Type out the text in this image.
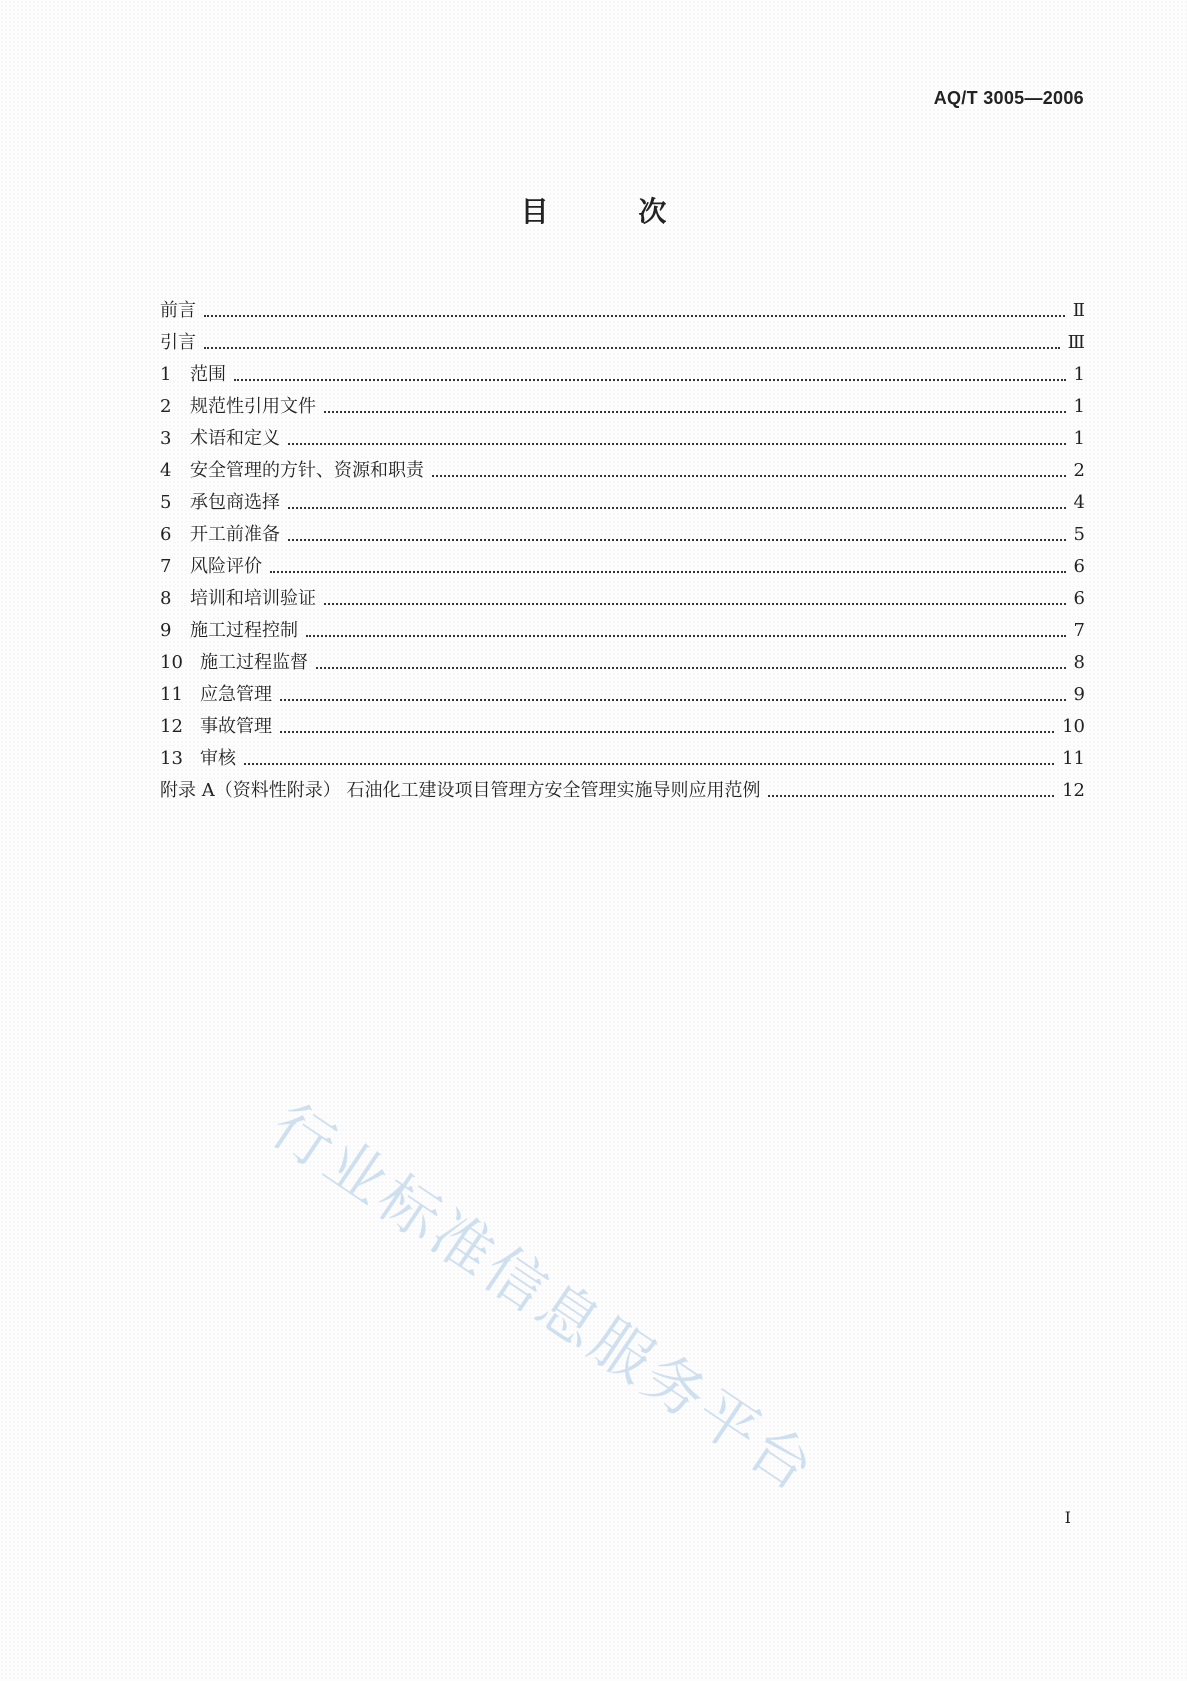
AQ/T 3005—2006
目 次
前言	Ⅱ
引言	Ⅲ
1	范围	1
2	规范性引用文件	1
3	术语和定义	1
4	安全管理的方针、资源和职责	2
5	承包商选择	4
6	开工前准备	5
7	风险评价	6
8	培训和培训验证	6
9	施工过程控制	7
10 施工过程监督	8
11 应急管理	9
12 事故管理	10
13 审核	11
附录 A（资料性附录） 石油化工建设项目管理方安全管理实施导则应用范例	12
行业标准信息服务平台
I
